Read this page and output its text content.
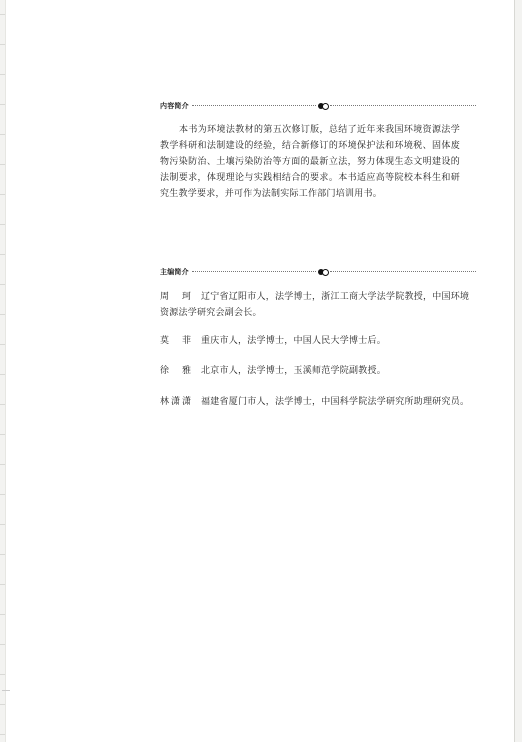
内容简介

本书为环境法教材的第五次修订版，总结了近年来我国环境资源法学教学科研和法制建设的经验，结合新修订的环境保护法和环境税、固体废物污染防治、土壤污染防治等方面的最新立法，努力体现生态文明建设的法制要求，体现理论与实践相结合的要求。本书适应高等院校本科生和研究生教学要求，并可作为法制实际工作部门培训用书。

主编简介

周　珂 辽宁省辽阳市人，法学博士，浙江工商大学法学院教授，中国环境资源法学研究会副会长。

莫　菲 重庆市人，法学博士，中国人民大学博士后。

徐　雅 北京市人，法学博士，玉溪师范学院副教授。

林潇潇 福建省厦门市人，法学博士，中国科学院法学研究所助理研究员。
